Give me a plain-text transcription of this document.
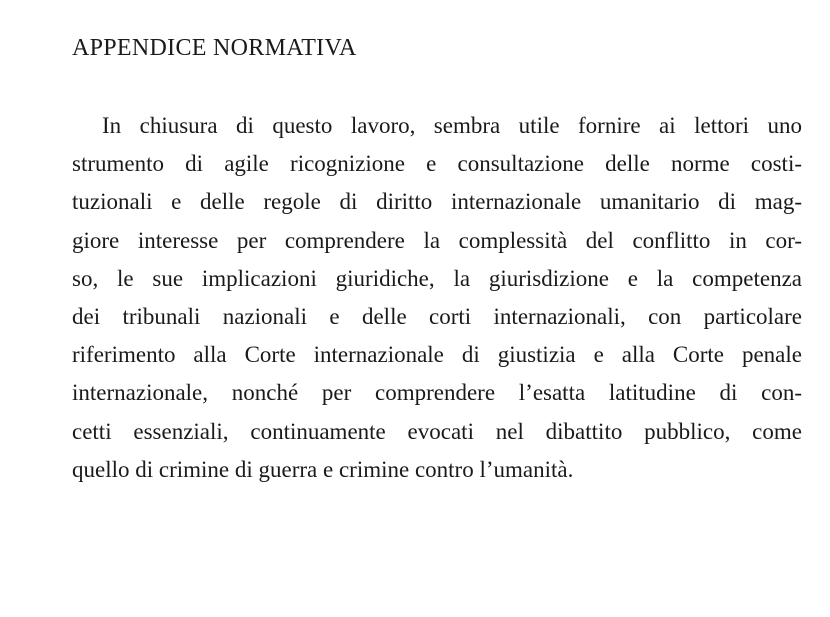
APPENDICE NORMATIVA
In chiusura di questo lavoro, sembra utile fornire ai lettori uno
strumento di agile ricognizione e consultazione delle norme costi-
tuzionali e delle regole di diritto internazionale umanitario di mag-
giore interesse per comprendere la complessità del conflitto in cor-
so, le sue implicazioni giuridiche, la giurisdizione e la competenza
dei tribunali nazionali e delle corti internazionali, con particolare
riferimento alla Corte internazionale di giustizia e alla Corte penale
internazionale, nonché per comprendere l’esatta latitudine di con-
cetti essenziali, continuamente evocati nel dibattito pubblico, come
quello di crimine di guerra e crimine contro l’umanità.
